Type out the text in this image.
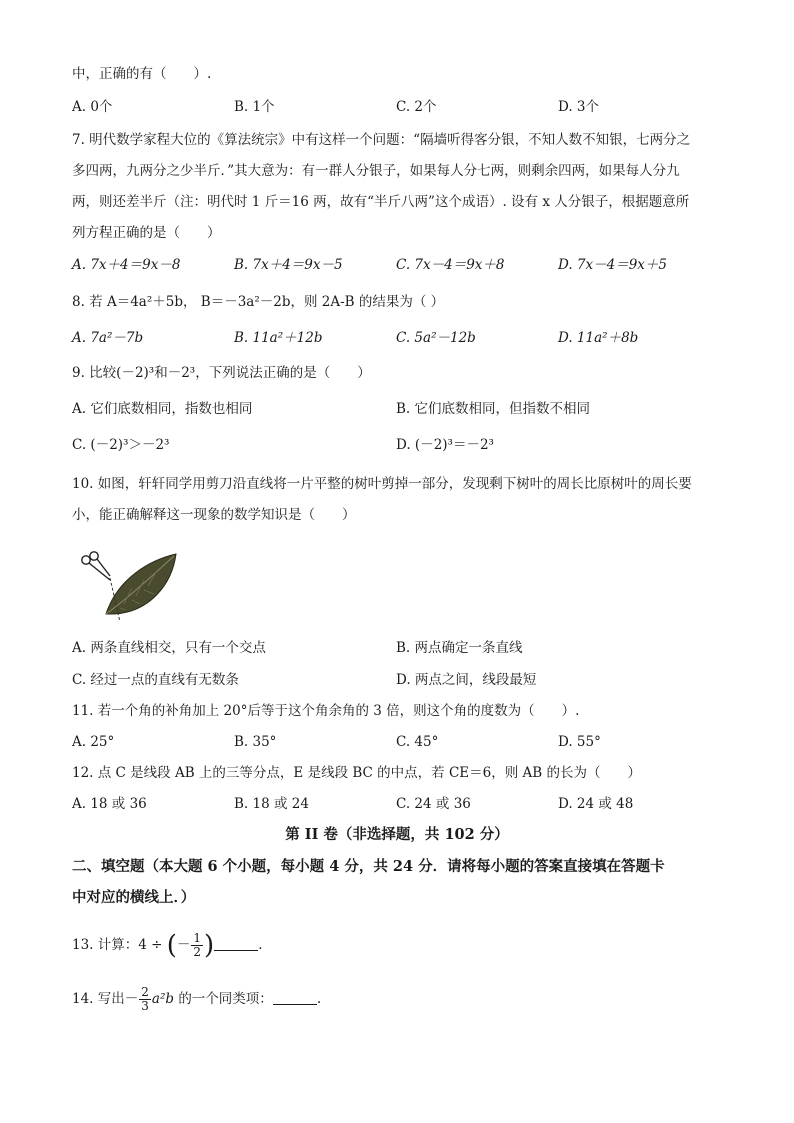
中，正确的有（　　）.
A. 0个	B. 1个	C. 2个	D. 3个
7. 明代数学家程大位的《算法统宗》中有这样一个问题：“隔墙听得客分银，不知人数不知银，七两分之
多四两，九两分之少半斤．”其大意为：有一群人分银子，如果每人分七两，则剩余四两，如果每人分九
两，则还差半斤（注：明代时 1 斤＝16 两，故有“半斤八两”这个成语）. 设有 x 人分银子，根据题意所
列方程正确的是（　　）
A. 7x＋4＝9x－8	B. 7x＋4＝9x－5	C. 7x－4＝9x＋8	D. 7x－4＝9x＋5
8. 若 A＝4a²＋5b， B＝－3a²－2b，则 2A-B 的结果为（ ）
A. 7a²－7b	B. 11a²＋12b	C. 5a²－12b	D. 11a²＋8b
9. 比较(－2)³和－2³，下列说法正确的是（　　）
A. 它们底数相同，指数也相同	B. 它们底数相同，但指数不相同
C. (－2)³＞－2³	D. (－2)³＝－2³
10. 如图，轩轩同学用剪刀沿直线将一片平整的树叶剪掉一部分，发现剩下树叶的周长比原树叶的周长要
小，能正确解释这一现象的数学知识是（　　）
A. 两条直线相交，只有一个交点	B. 两点确定一条直线
C. 经过一点的直线有无数条	D. 两点之间，线段最短
11. 若一个角的补角加上 20°后等于这个角余角的 3 倍，则这个角的度数为（　　）.
A. 25°	B. 35°	C. 45°	D. 55°
12. 点 C 是线段 AB 上的三等分点，E 是线段 BC 的中点，若 CE＝6，则 AB 的长为（　　）
A. 18 或 36	B. 18 或 24	C. 24 或 36	D. 24 或 48
第 II 卷（非选择题，共 102 分）
二、填空题（本大题 6 个小题，每小题 4 分，共 24 分．请将每小题的答案直接填在答题卡
中对应的横线上．）
13. 计算：4 ÷ (－ $\frac{1}{2}$ )	.
14. 写出－ $\frac{2}{3} a^2b$ 的一个同类项：	.
